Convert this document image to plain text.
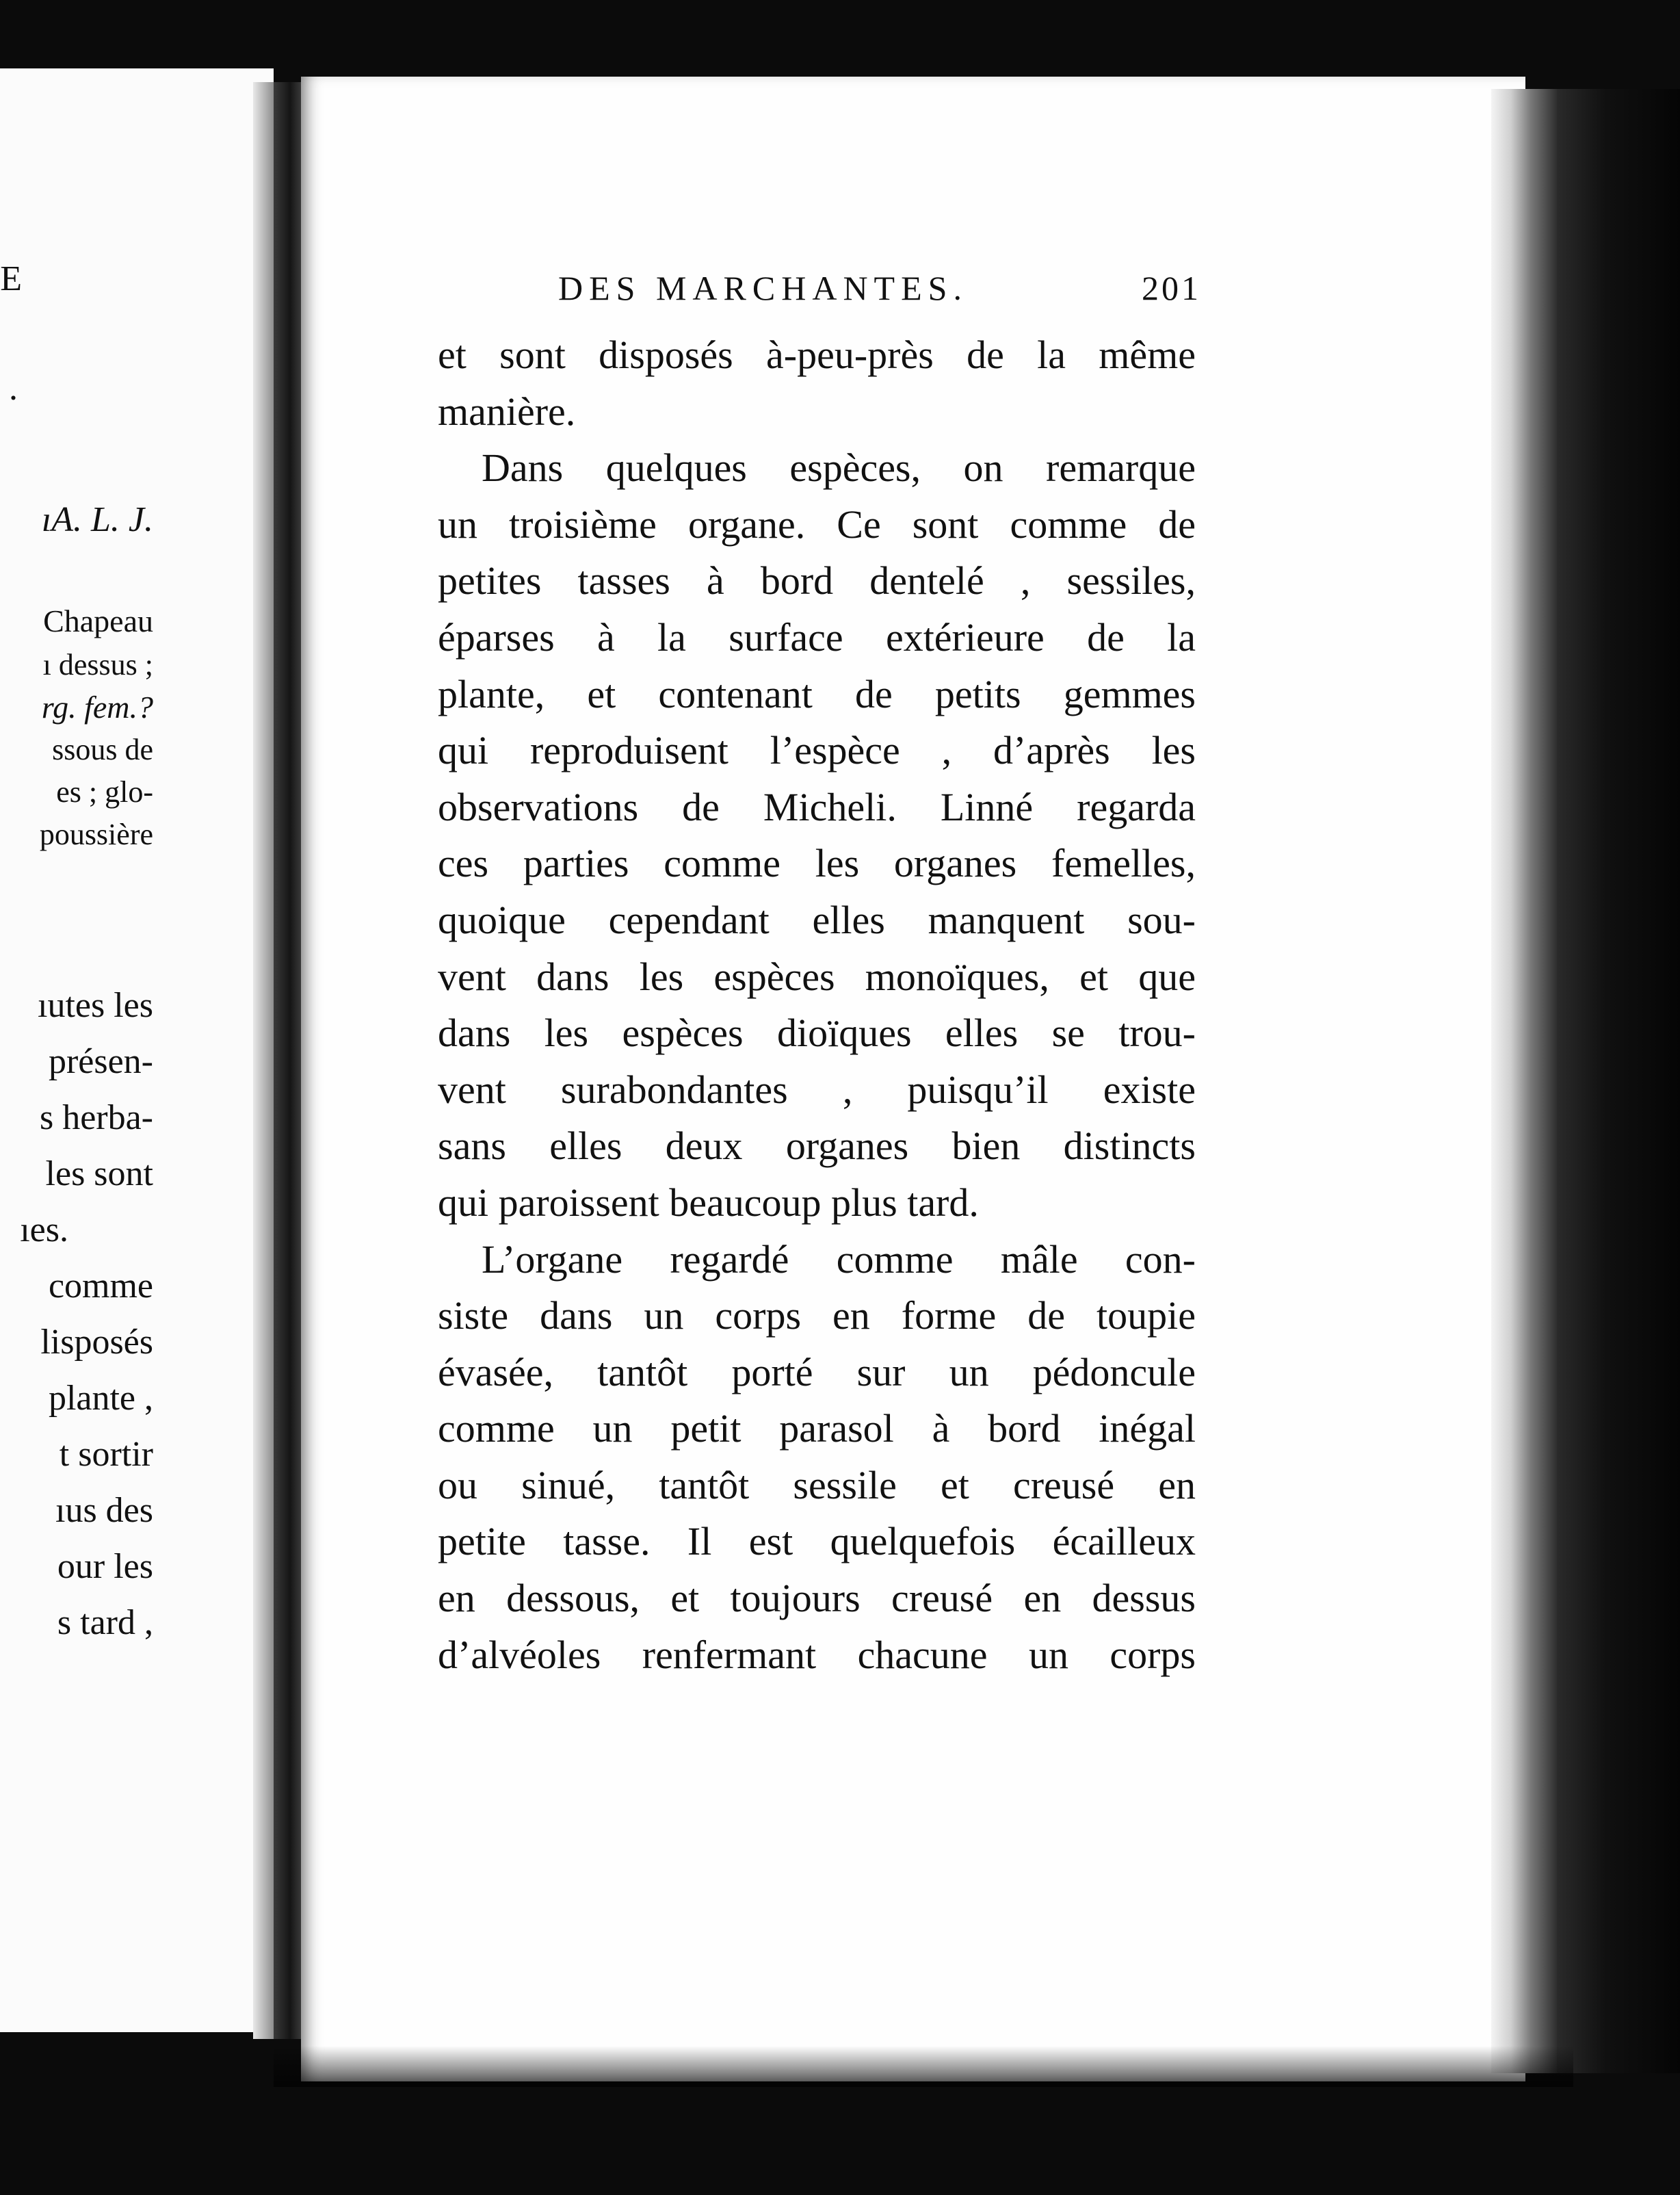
E
.
ıA. L. J.
Chapeau
ı dessus ;
rg. fem.?
ssous de
es ; glo-
poussière
ıutes les
présen-
s herba-
les sont
ıes.
comme
lisposés
plante ,
t sortir
ıus des
our les
s tard ,
DES MARCHANTES.	201
et sont disposés à-peu-près de la même
manière.
Dans quelques espèces, on remarque
un troisième organe. Ce sont comme de
petites tasses à bord dentelé , sessiles,
éparses à la surface extérieure de la
plante, et contenant de petits gemmes
qui reproduisent l’espèce , d’après les
observations de Micheli. Linné regarda
ces parties comme les organes femelles,
quoique cependant elles manquent sou-
vent dans les espèces monoïques, et que
dans les espèces dioïques elles se trou-
vent surabondantes , puisqu’il existe
sans elles deux organes bien distincts
qui paroissent beaucoup plus tard.
L’organe regardé comme mâle con-
siste dans un corps en forme de toupie
évasée, tantôt porté sur un pédoncule
comme un petit parasol à bord inégal
ou sinué, tantôt sessile et creusé en
petite tasse. Il est quelquefois écailleux
en dessous, et toujours creusé en dessus
d’alvéoles renfermant chacune un corps
